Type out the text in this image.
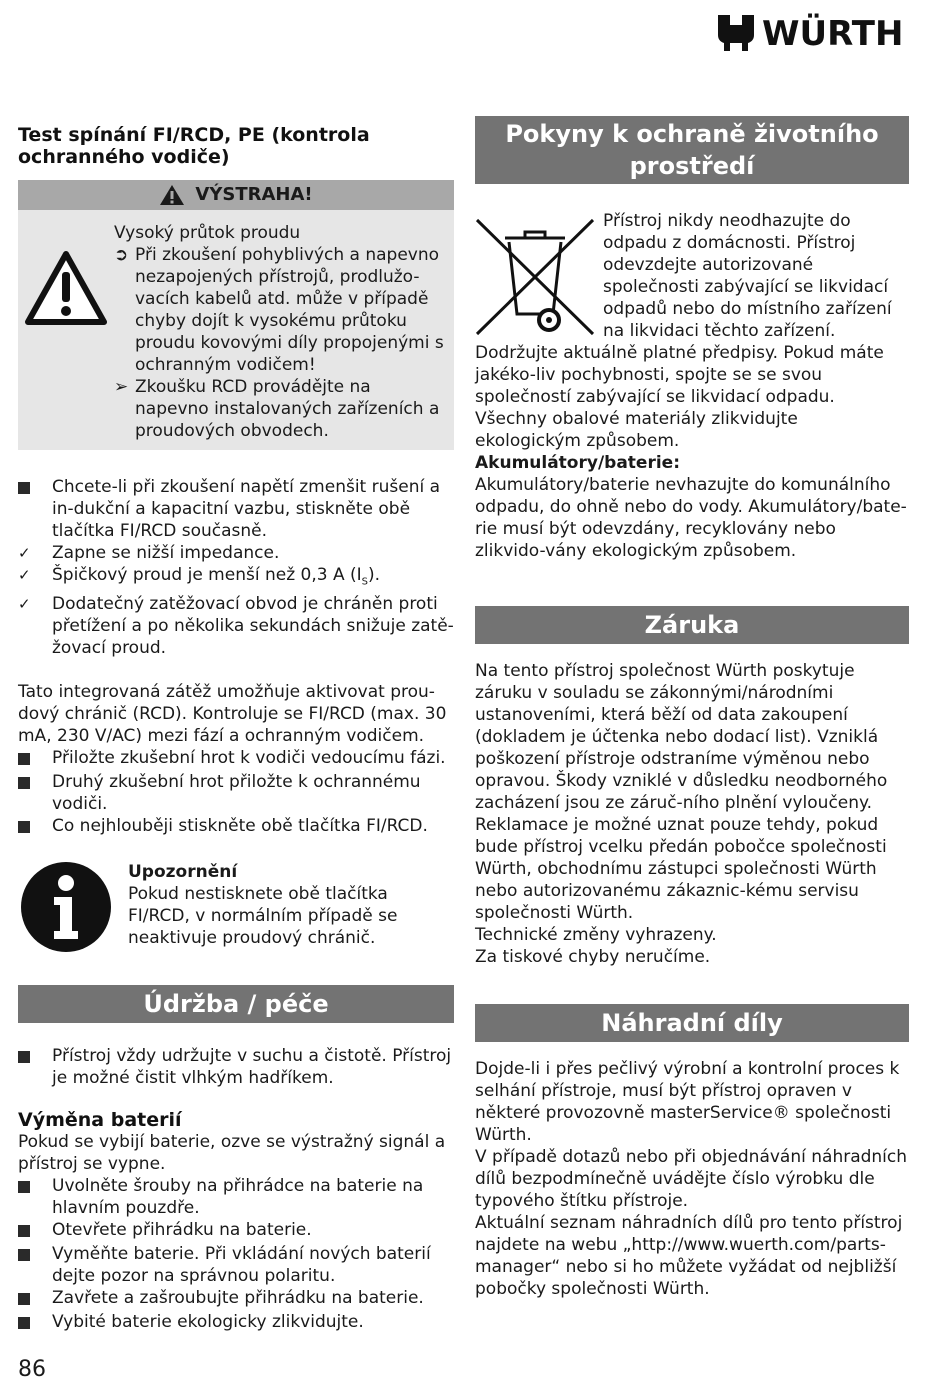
WÜRTH
Test spínání FI/RCD, PE (kontrola ochranného vodiče)
VÝSTRAHA!
Vysoký průtok proudu
➲ Při zkoušení pohyblivých a napevno nezapojených přístrojů, prodlužo-vacích kabelů atd. může v případě chyby dojít k vysokému průtoku proudu kovovými díly propojenými s ochranným vodičem!
➢ Zkoušku RCD provádějte na napevno instalovaných zařízeních a proudových obvodech.
Chcete-li při zkoušení napětí zmenšit rušení a in-dukční a kapacitní vazbu, stiskněte obě tlačítka FI/RCD současně.
✓	Zapne se nižší impedance.
✓	Špičkový proud je menší než 0,3 A $(I_S)$.
✓	Dodatečný zatěžovací obvod je chráněn proti přetížení a po několika sekundách snižuje zatě-žovací proud.
Tato integrovaná zátěž umožňuje aktivovat prou-dový chránič (RCD). Kontroluje se FI/RCD (max. 30 mA, 230 V/AC) mezi fází a ochranným vodičem.
Přiložte zkušební hrot k vodiči vedoucímu fázi.
Druhý zkušební hrot přiložte k ochrannému vodiči.
Co nejhlouběji stiskněte obě tlačítka FI/RCD.
Upozornění
Pokud nestisknete obě tlačítka FI/RCD, v normálním případě se neaktivuje proudový chránič.
Údržba / péče
Přístroj vždy udržujte v suchu a čistotě. Přístroj je možné čistit vlhkým hadříkem.
Výměna baterií
Pokud se vybijí baterie, ozve se výstražný signál a přístroj se vypne.
Uvolněte šrouby na přihrádce na baterie na hlavním pouzdře.
Otevřete přihrádku na baterie.
Vyměňte baterie. Při vkládání nových baterií dejte pozor na správnou polaritu.
Zavřete a zašroubujte přihrádku na baterie.
Vybité baterie ekologicky zlikvidujte.
Pokyny k ochraně životního prostředí
Přístroj nikdy neodhazujte do odpadu z domácnosti. Přístroj odevzdejte autorizované společnosti zabývající se likvidací odpadů nebo do místního zařízení na likvidaci těchto zařízení. Dodržujte aktuálně platné předpisy. Pokud máte jakéko-liv pochybnosti, spojte se se svou společností zabývající se likvidací odpadu. Všechny obalové materiály zlikvidujte ekologickým způsobem.
Akumulátory/baterie:
Akumulátory/baterie nevhazujte do komunálního odpadu, do ohně nebo do vody. Akumulátory/bate-rie musí být odevzdány, recyklovány nebo zlikvido-vány ekologickým způsobem.
Záruka
Na tento přístroj společnost Würth poskytuje záruku v souladu se zákonnými/národními ustanoveními, která běží od data zakoupení (dokladem je účtenka nebo dodací list). Vzniklá poškození přístroje odstraníme výměnou nebo opravou. Škody vzniklé v důsledku neodborného zacházení jsou ze záruč-ního plnění vyloučeny. Reklamace je možné uznat pouze tehdy, pokud bude přístroj vcelku předán pobočce společnosti Würth, obchodnímu zástupci společnosti Würth nebo autorizovanému zákaznic-kému servisu společnosti Würth.
Technické změny vyhrazeny.
Za tiskové chyby neručíme.
Náhradní díly
Dojde-li i přes pečlivý výrobní a kontrolní proces k selhání přístroje, musí být přístroj opraven v některé provozovně masterService® společnosti Würth.
V případě dotazů nebo při objednávání náhradních dílů bezpodmínečně uvádějte číslo výrobku dle typového štítku přístroje.
Aktuální seznam náhradních dílů pro tento přístroj najdete na webu „http://www.wuerth.com/parts-manager“ nebo si ho můžete vyžádat od nejbližší pobočky společnosti Würth.
86
